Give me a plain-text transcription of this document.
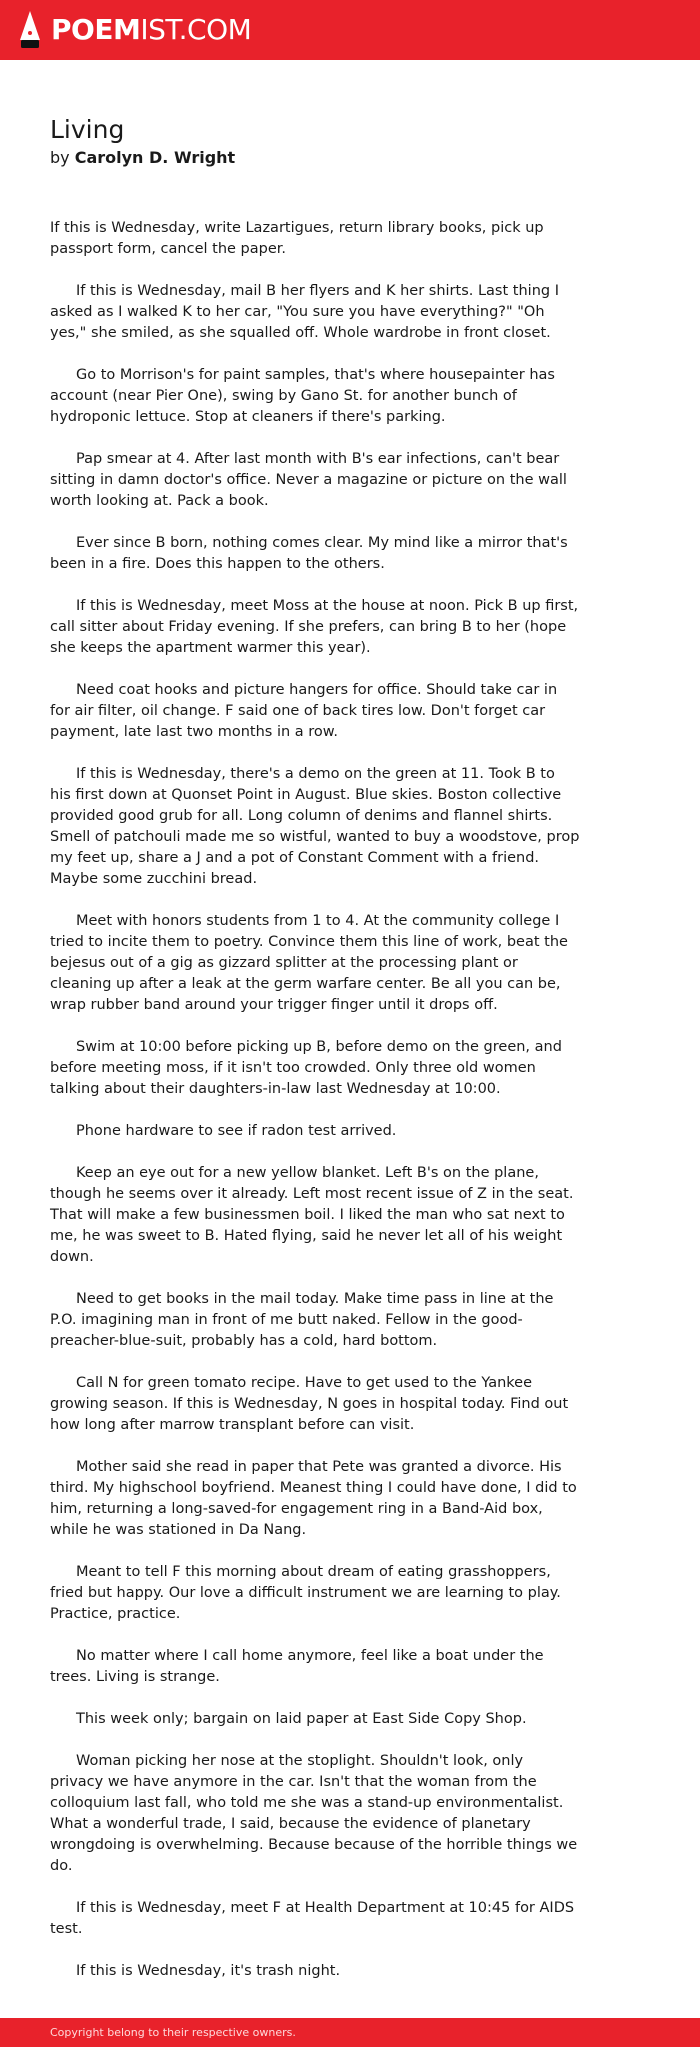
POEMIST.COM
Living
by Carolyn D. Wright

If this is Wednesday, write Lazartigues, return library books, pick up passport form, cancel the paper.

If this is Wednesday, mail B her flyers and K her shirts. Last thing I asked as I walked K to her car, "You sure you have everything?" "Oh yes," she smiled, as she squalled off. Whole wardrobe in front closet.

Go to Morrison's for paint samples, that's where housepainter has account (near Pier One), swing by Gano St. for another bunch of hydroponic lettuce. Stop at cleaners if there's parking.

Pap smear at 4. After last month with B's ear infections, can't bear sitting in damn doctor's office. Never a magazine or picture on the wall worth looking at. Pack a book.

Ever since B born, nothing comes clear. My mind like a mirror that's been in a fire. Does this happen to the others.

If this is Wednesday, meet Moss at the house at noon. Pick B up first, call sitter about Friday evening. If she prefers, can bring B to her (hope she keeps the apartment warmer this year).

Need coat hooks and picture hangers for office. Should take car in for air filter, oil change. F said one of back tires low. Don't forget car payment, late last two months in a row.

If this is Wednesday, there's a demo on the green at 11. Took B to his first down at Quonset Point in August. Blue skies. Boston collective provided good grub for all. Long column of denims and flannel shirts. Smell of patchouli made me so wistful, wanted to buy a woodstove, prop my feet up, share a J and a pot of Constant Comment with a friend. Maybe some zucchini bread.

Meet with honors students from 1 to 4. At the community college I tried to incite them to poetry. Convince them this line of work, beat the bejesus out of a gig as gizzard splitter at the processing plant or cleaning up after a leak at the germ warfare center. Be all you can be, wrap rubber band around your trigger finger until it drops off.

Swim at 10:00 before picking up B, before demo on the green, and before meeting moss, if it isn't too crowded. Only three old women talking about their daughters-in-law last Wednesday at 10:00.

Phone hardware to see if radon test arrived.

Keep an eye out for a new yellow blanket. Left B's on the plane, though he seems over it already. Left most recent issue of Z in the seat. That will make a few businessmen boil. I liked the man who sat next to me, he was sweet to B. Hated flying, said he never let all of his weight down.

Need to get books in the mail today. Make time pass in line at the P.O. imagining man in front of me butt naked. Fellow in the good-preacher-blue-suit, probably has a cold, hard bottom.

Call N for green tomato recipe. Have to get used to the Yankee growing season. If this is Wednesday, N goes in hospital today. Find out how long after marrow transplant before can visit.

Mother said she read in paper that Pete was granted a divorce. His third. My highschool boyfriend. Meanest thing I could have done, I did to him, returning a long-saved-for engagement ring in a Band-Aid box, while he was stationed in Da Nang.

Meant to tell F this morning about dream of eating grasshoppers, fried but happy. Our love a difficult instrument we are learning to play. Practice, practice.

No matter where I call home anymore, feel like a boat under the trees. Living is strange.

This week only; bargain on laid paper at East Side Copy Shop.

Woman picking her nose at the stoplight. Shouldn't look, only privacy we have anymore in the car. Isn't that the woman from the colloquium last fall, who told me she was a stand-up environmentalist. What a wonderful trade, I said, because the evidence of planetary wrongdoing is overwhelming. Because because of the horrible things we do.

If this is Wednesday, meet F at Health Department at 10:45 for AIDS test.

If this is Wednesday, it's trash night.

Copyright belong to their respective owners.
